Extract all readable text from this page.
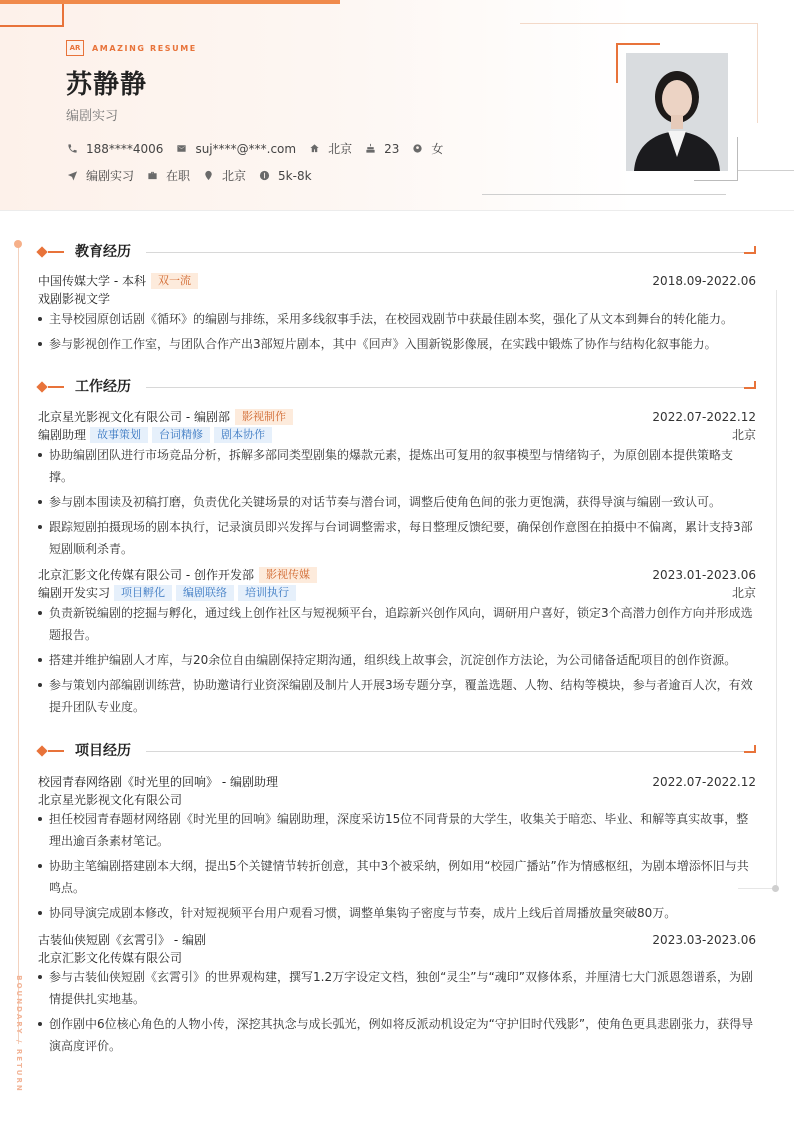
AR	AMAZING RESUME
苏静静
编剧实习
188****4006	suj****@***.com	北京	23	女
编剧实习	在职	北京	5k-8k
BOUNDARY / RETURN
教育经历
中国传媒大学 - 本科	双一流	2018.09-2022.06
戏剧影视文学
主导校园原创话剧《循环》的编剧与排练，采用多线叙事手法，在校园戏剧节中获最佳剧本奖，强化了从文本到舞台的转化能力。
参与影视创作工作室，与团队合作产出3部短片剧本，其中《回声》入围新锐影像展，在实践中锻炼了协作与结构化叙事能力。
工作经历
北京星光影视文化有限公司 - 编剧部	影视制作	2022.07-2022.12
编剧助理	故事策划	台词精修	剧本协作	北京
协助编剧团队进行市场竞品分析，拆解多部同类型剧集的爆款元素，提炼出可复用的叙事模型与情绪钩子，为原创剧本提供策略支撑。
参与剧本围读及初稿打磨，负责优化关键场景的对话节奏与潜台词，调整后使角色间的张力更饱满，获得导演与编剧一致认可。
跟踪短剧拍摄现场的剧本执行，记录演员即兴发挥与台词调整需求，每日整理反馈纪要，确保创作意图在拍摄中不偏离，累计支持3部短剧顺利杀青。
北京汇影文化传媒有限公司 - 创作开发部	影视传媒	2023.01-2023.06
编剧开发实习	项目孵化	编剧联络	培训执行	北京
负责新锐编剧的挖掘与孵化，通过线上创作社区与短视频平台，追踪新兴创作风向，调研用户喜好，锁定3个高潜力创作方向并形成选题报告。
搭建并维护编剧人才库，与20余位自由编剧保持定期沟通，组织线上故事会，沉淀创作方法论，为公司储备适配项目的创作资源。
参与策划内部编剧训练营，协助邀请行业资深编剧及制片人开展3场专题分享，覆盖选题、人物、结构等模块，参与者逾百人次，有效提升团队专业度。
项目经历
校园青春网络剧《时光里的回响》 - 编剧助理	2022.07-2022.12
北京星光影视文化有限公司
担任校园青春题材网络剧《时光里的回响》编剧助理，深度采访15位不同背景的大学生，收集关于暗恋、毕业、和解等真实故事，整理出逾百条素材笔记。
协助主笔编剧搭建剧本大纲，提出5个关键情节转折创意，其中3个被采纳，例如用“校园广播站”作为情感枢纽，为剧本增添怀旧与共鸣点。
协同导演完成剧本修改，针对短视频平台用户观看习惯，调整单集钩子密度与节奏，成片上线后首周播放量突破80万。
古装仙侠短剧《玄霄引》 - 编剧	2023.03-2023.06
北京汇影文化传媒有限公司
参与古装仙侠短剧《玄霄引》的世界观构建，撰写1.2万字设定文档，独创“灵尘”与“魂印”双修体系，并厘清七大门派恩怨谱系，为剧情提供扎实地基。
创作剧中6位核心角色的人物小传，深挖其执念与成长弧光，例如将反派动机设定为“守护旧时代残影”，使角色更具悲剧张力，获得导演高度评价。
